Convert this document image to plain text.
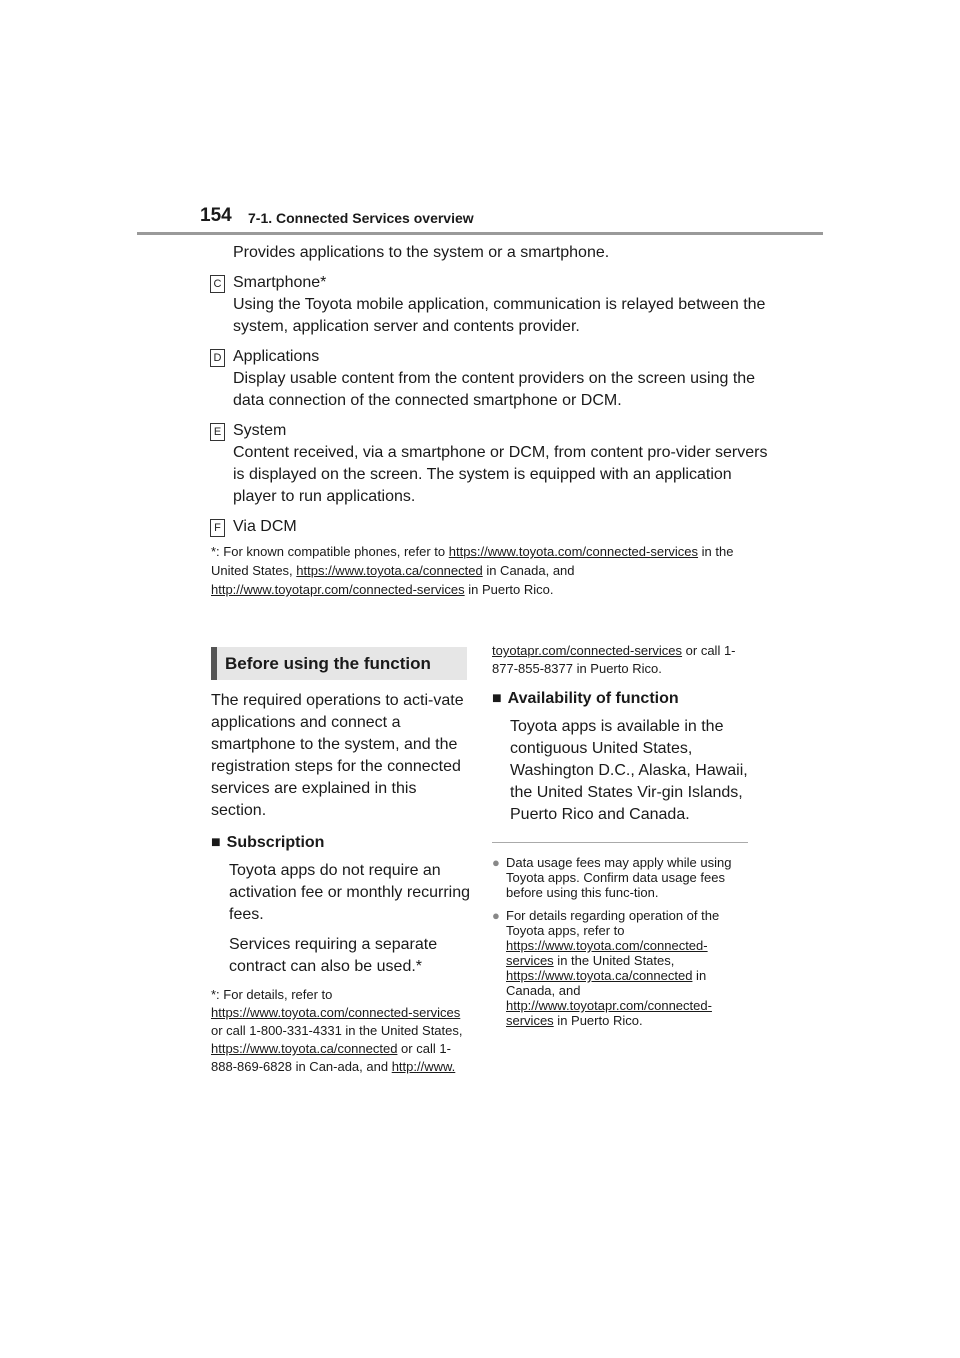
154 7-1. Connected Services overview

Provides applications to the system or a smartphone.

C Smartphone*

Using the Toyota mobile application, communication is relayed between the system, application server and contents provider.

D Applications

Display usable content from the content providers on the screen using the data connection of the connected smartphone or DCM.

E System

Content received, via a smartphone or DCM, from content pro-vider servers is displayed on the screen. The system is equipped with an application player to run applications.

F Via DCM

*: For known compatible phones, refer to https://www.toyota.com/connected-services in the United States, https://www.toyota.ca/connected in Canada, and http://www.toyotapr.com/connected-services in Puerto Rico.
Before using the function

The required operations to acti-vate applications and connect a smartphone to the system, and the registration steps for the connected services are explained in this section.

■ Subscription
Toyota apps do not require an activation fee or monthly recurring fees.
Services requiring a separate contract can also be used.*
*: For details, refer to https://www.toyota.com/connected-services or call 1-800-331-4331 in the United States, https://www.toyota.ca/connected or call 1-888-869-6828 in Can-ada, and http://www.
toyotapr.com/connected-services or call 1-877-855-8377 in Puerto Rico.
■ Availability of function
Toyota apps is available in the contiguous United States, Washington D.C., Alaska, Hawaii, the United States Vir-gin Islands, Puerto Rico and Canada.
● Data usage fees may apply while using Toyota apps. Confirm data usage fees before using this func-tion.
● For details regarding operation of the Toyota apps, refer to https://www.toyota.com/connected-services in the United States, https://www.toyota.ca/connected in Canada, and http://www.toyotapr.com/connected-services in Puerto Rico.
